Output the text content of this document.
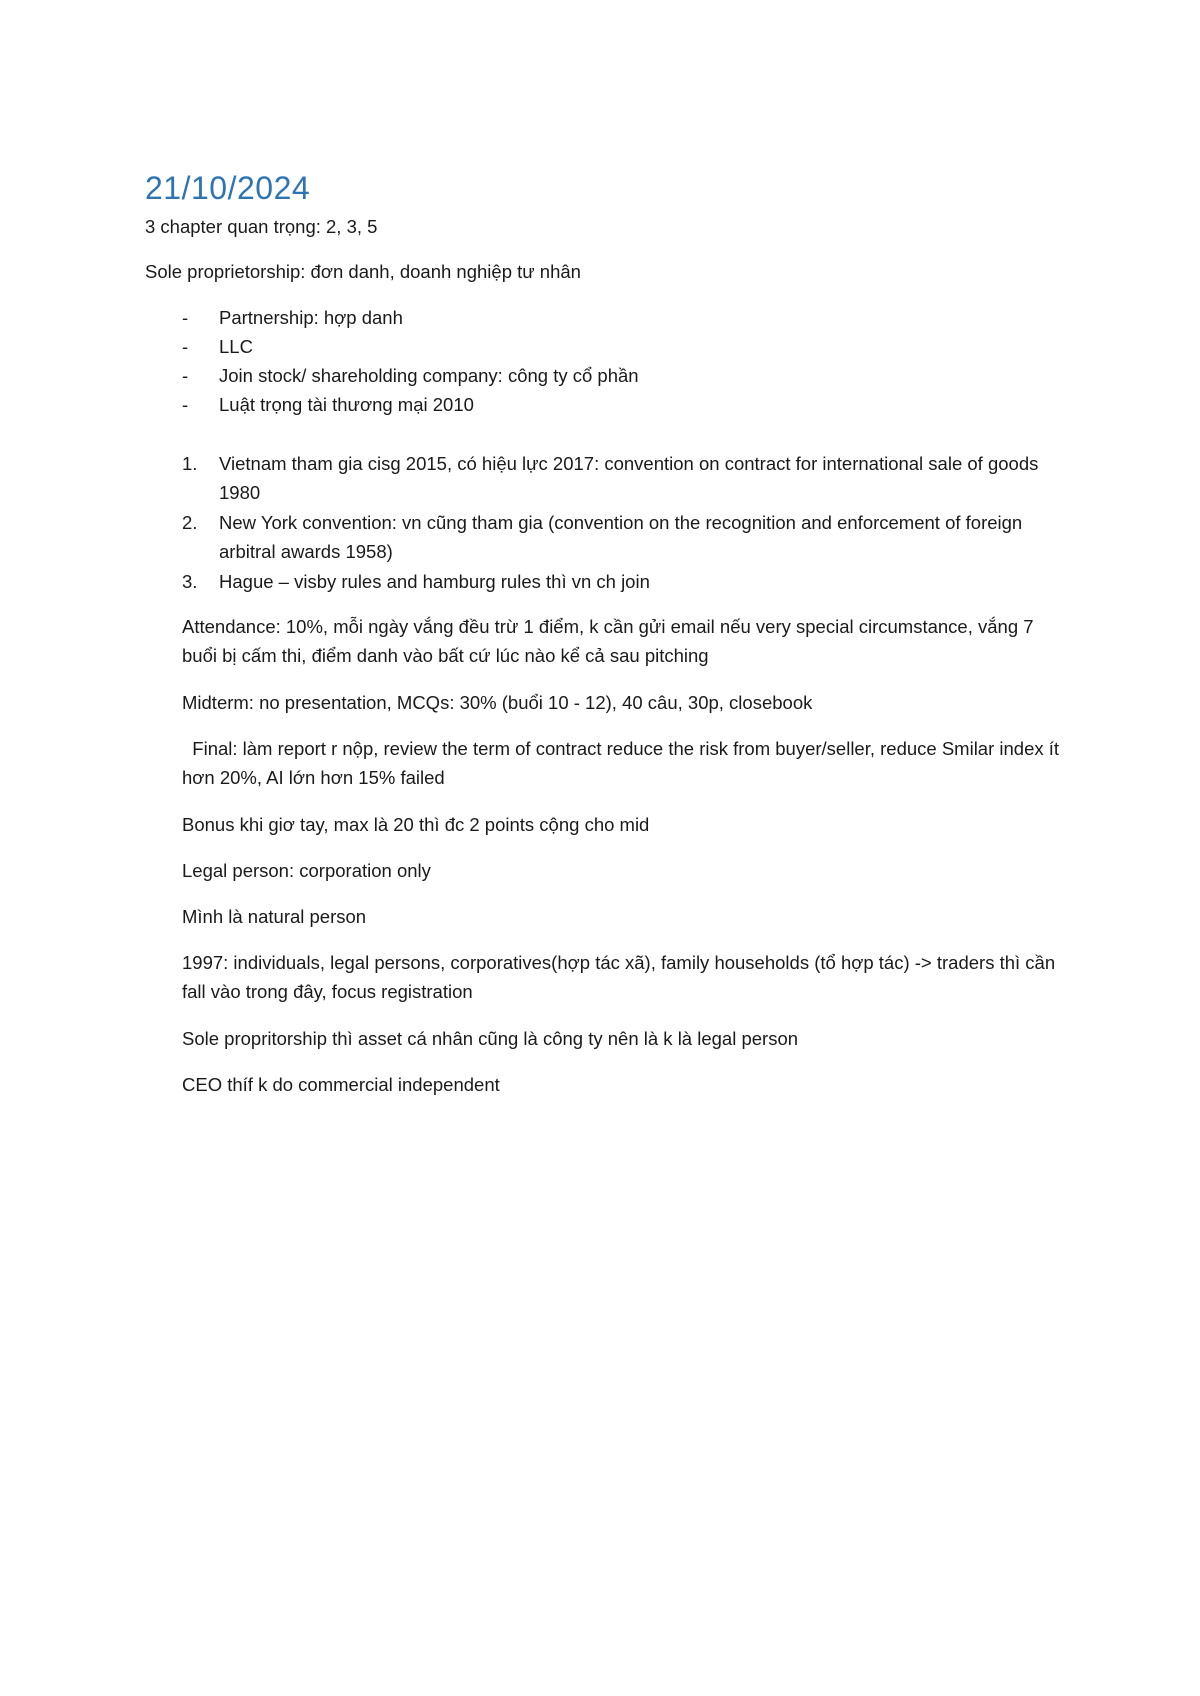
21/10/2024

3 chapter quan trọng: 2, 3, 5

Sole proprietorship: đơn danh, doanh nghiệp tư nhân

- Partnership: hợp danh
- LLC
- Join stock/ shareholding company: công ty cổ phần
- Luật trọng tài thương mại 2010
1. Vietnam tham gia cisg 2015, có hiệu lực 2017: convention on contract for international sale of goods 1980
2. New York convention: vn cũng tham gia (convention on the recognition and enforcement of foreign arbitral awards 1958)
3. Hague – visby rules and hamburg rules thì vn ch join

Attendance: 10%, mỗi ngày vắng đều trừ 1 điểm, k cần gửi email nếu very special circumstance, vắng 7 buổi bị cấm thi, điểm danh vào bất cứ lúc nào kể cả sau pitching

Midterm: no presentation, MCQs: 30% (buổi 10 - 12), 40 câu, 30p, closebook

Final: làm report r nộp, review the term of contract reduce the risk from buyer/seller, reduce Smilar index ít hơn 20%, AI lớn hơn 15% failed

Bonus khi giơ tay, max là 20 thì đc 2 points cộng cho mid

Legal person: corporation only

Mình là natural person

1997: individuals, legal persons, corporatives(hợp tác xã), family households (tổ hợp tác) -> traders thì cần fall vào trong đây, focus registration

Sole propritorship thì asset cá nhân cũng là công ty nên là k là legal person

CEO thíf k do commercial independent
